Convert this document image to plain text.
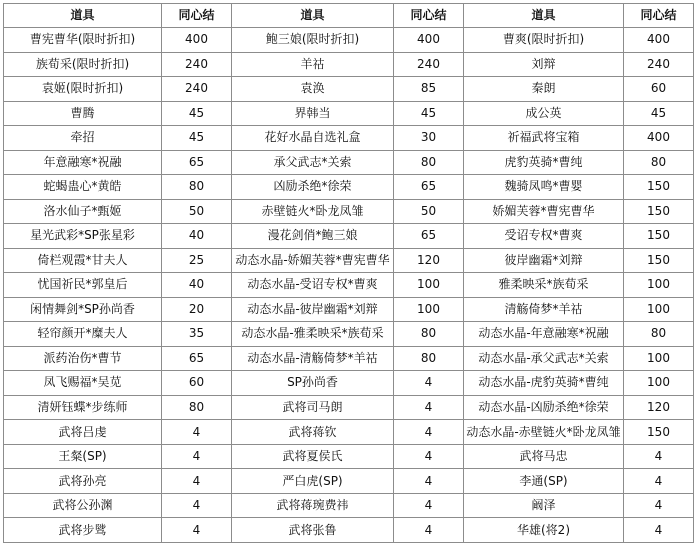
道具	同心结	道具	同心结	道具	同心结
曹宪曹华(限时折扣)	400	鲍三娘(限时折扣)	400	曹爽(限时折扣)	400
族荀采(限时折扣)	240	羊祜	240	刘辩	240
袁姬(限时折扣)	240	袁涣	85	秦朗	60
曹腾	45	界韩当	45	成公英	45
牵招	45	花好水晶自选礼盒	30	祈福武将宝箱	400
年意融寒*祝融	65	承父武志*关索	80	虎豹英骑*曹纯	80
蛇蝎蛊心*黄皓	80	凶励杀绝*徐荣	65	魏骑凤鸣*曹婴	150
洛水仙子*甄姬	50	赤壁链火*卧龙凤雏	50	娇媚芙蓉*曹宪曹华	150
星光武彩*SP张星彩	40	漫花剑俏*鲍三娘	65	受诏专权*曹爽	150
倚栏观霞*甘夫人	25	动态水晶-娇媚芙蓉*曹宪曹华	120	彼岸幽霜*刘辩	150
忧国祈民*郭皇后	40	动态水晶-受诏专权*曹爽	100	雅柔映采*族荀采	100
闲情舞剑*SP孙尚香	20	动态水晶-彼岸幽霜*刘辩	100	清觞倚梦*羊祜	100
轻帘颜开*糜夫人	35	动态水晶-雅柔映采*族荀采	80	动态水晶-年意融寒*祝融	80
派药治伤*曹节	65	动态水晶-清觞倚梦*羊祜	80	动态水晶-承父武志*关索	100
凤飞赐福*吴苋	60	SP孙尚香	4	动态水晶-虎豹英骑*曹纯	100
清妍钰蝶*步练师	80	武将司马朗	4	动态水晶-凶励杀绝*徐荣	120
武将吕虔	4	武将蒋钦	4	动态水晶-赤壁链火*卧龙凤雏	150
王粲(SP)	4	武将夏侯氏	4	武将马忠	4
武将孙亮	4	严白虎(SP)	4	李通(SP)	4
武将公孙渊	4	武将蒋琬费祎	4	阚泽	4
武将步骘	4	武将张鲁	4	华雄(将2)	4
